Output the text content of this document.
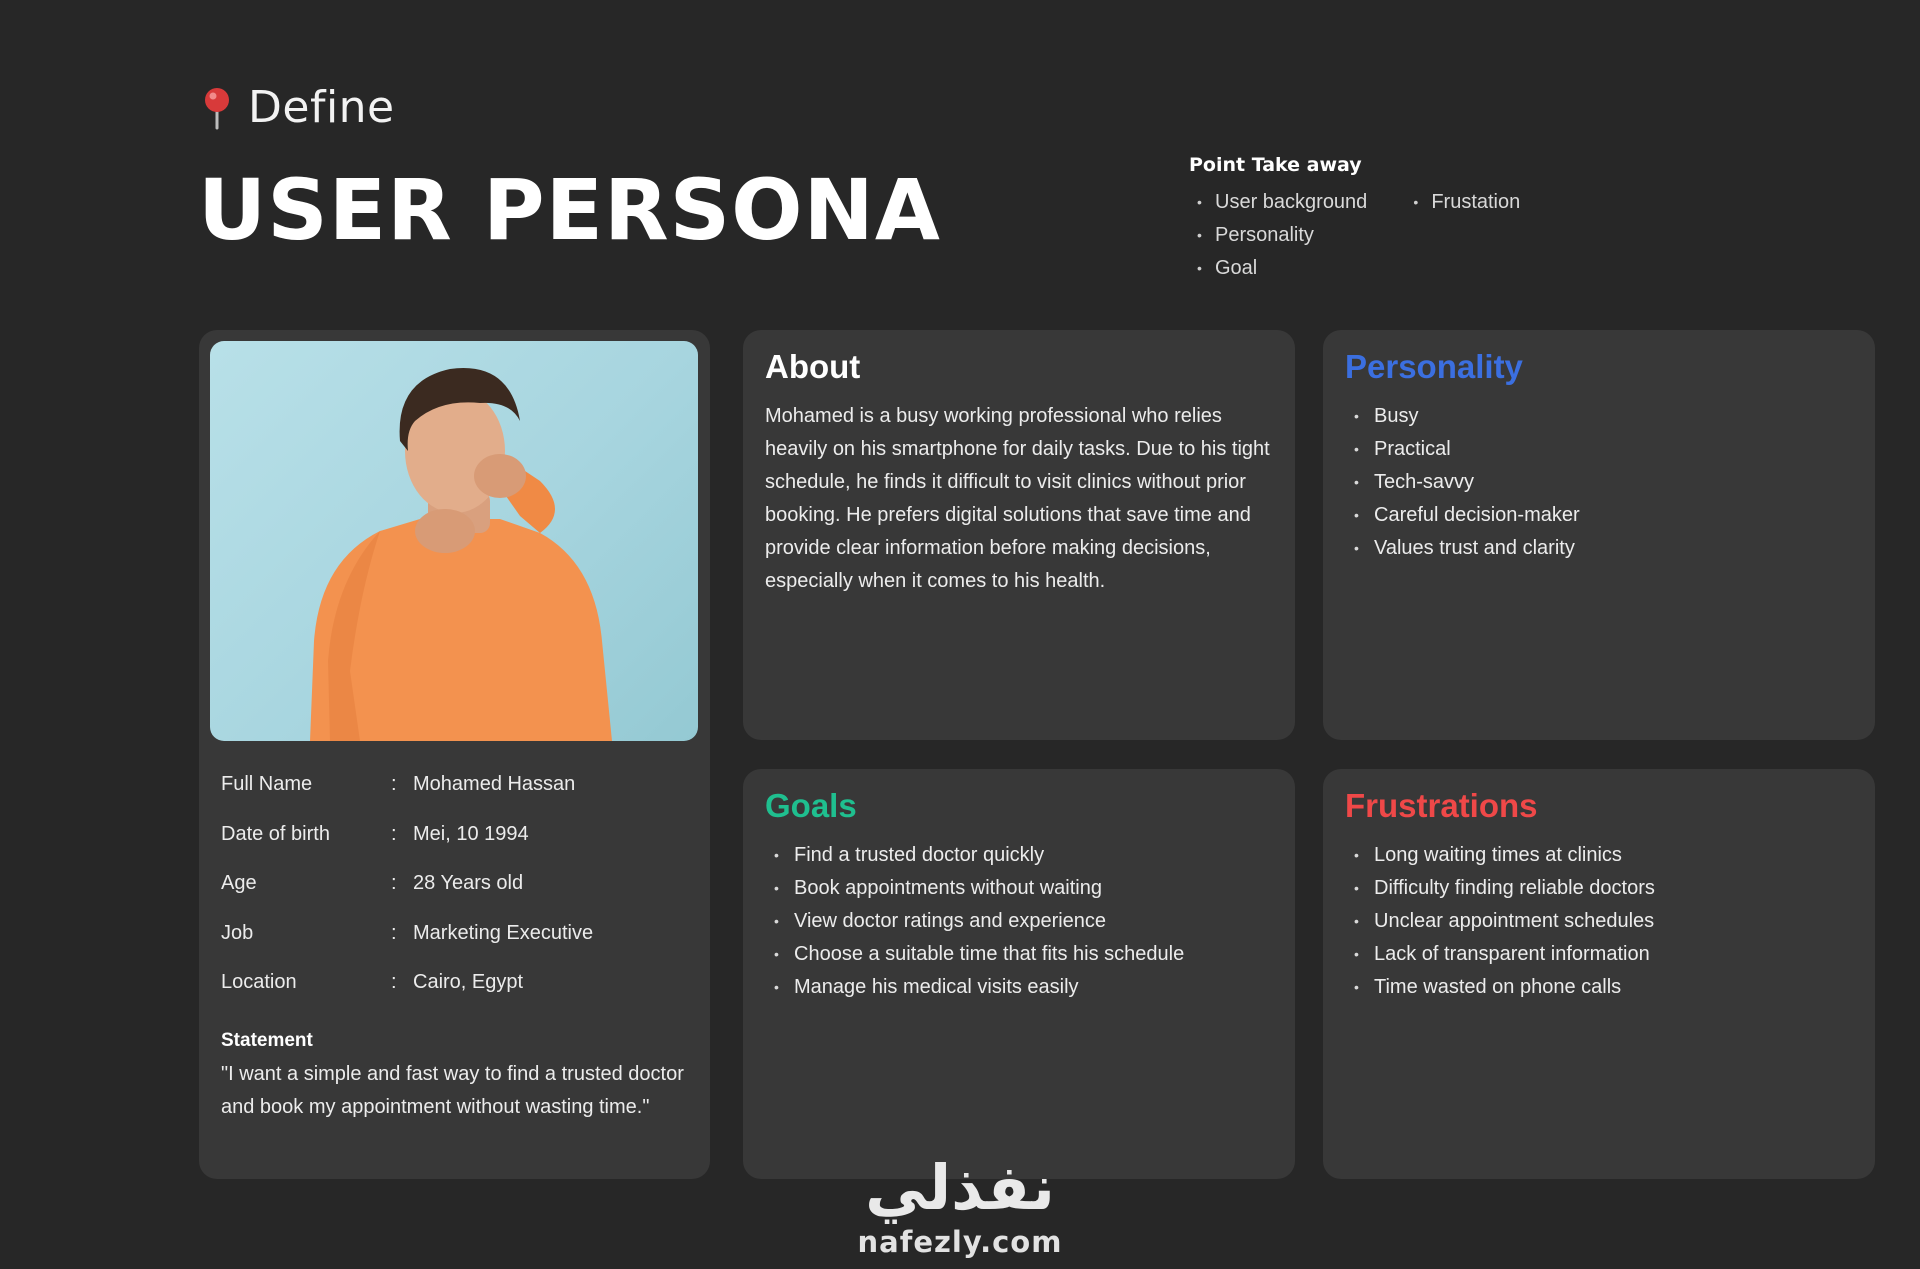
Define
USER PERSONA	Point Take away
• User background
• Personality
• Goal
• Frustation
Full Name	: Mohamed Hassan
Date of birth	: Mei, 10 1994
Age	: 28 Years old
Job	: Marketing Executive
Location	: Cairo, Egypt
Statement

"I want a simple and fast way to find a trusted doctor and book my appointment without wasting time."

About

Mohamed is a busy working professional who relies heavily on his smartphone for daily tasks. Due to his tight schedule, he finds it difficult to visit clinics without prior booking. He prefers digital solutions that save time and provide clear information before making decisions, especially when it comes to his health.

Personality
• Busy
• Practical
• Tech-savvy
• Careful decision-maker
• Values trust and clarity
Goals
• Find a trusted doctor quickly
• Book appointments without waiting
• View doctor ratings and experience
• Choose a suitable time that fits his schedule
• Manage his medical visits easily
Frustrations
• Long waiting times at clinics
• Difficulty finding reliable doctors
• Unclear appointment schedules
• Lack of transparent information
• Time wasted on phone calls
نفذلي
nafezly.com
